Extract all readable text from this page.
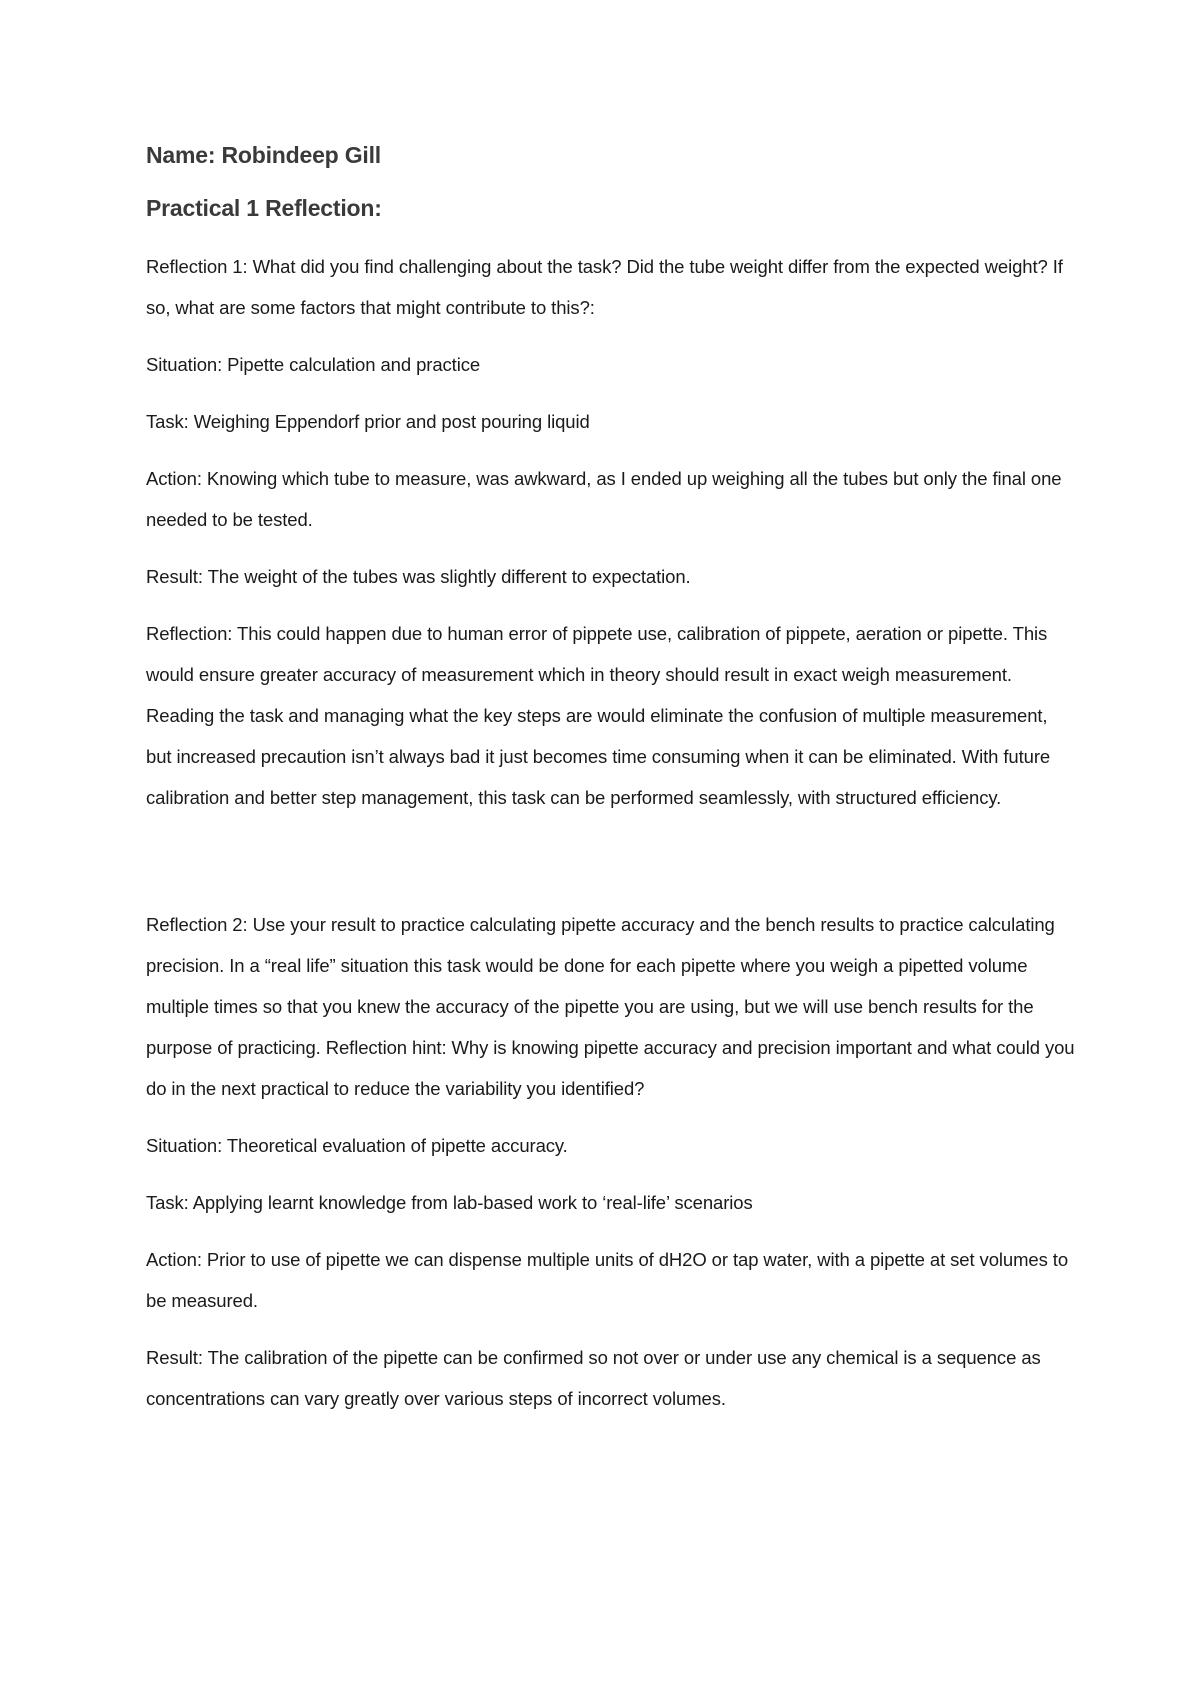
Name: Robindeep Gill
Practical 1 Reflection:

Reflection 1: What did you find challenging about the task? Did the tube weight differ from the expected weight? If so, what are some factors that might contribute to this?:

Situation: Pipette calculation and practice

Task: Weighing Eppendorf prior and post pouring liquid

Action: Knowing which tube to measure, was awkward, as I ended up weighing all the tubes but only the final one needed to be tested.

Result: The weight of the tubes was slightly different to expectation.

Reflection: This could happen due to human error of pippete use, calibration of pippete, aeration or pipette. This would ensure greater accuracy of measurement which in theory should result in exact weigh measurement. Reading the task and managing what the key steps are would eliminate the confusion of multiple measurement, but increased precaution isn’t always bad it just becomes time consuming when it can be eliminated. With future calibration and better step management, this task can be performed seamlessly, with structured efficiency.

Reflection 2: Use your result to practice calculating pipette accuracy and the bench results to practice calculating precision. In a “real life” situation this task would be done for each pipette where you weigh a pipetted volume multiple times so that you knew the accuracy of the pipette you are using, but we will use bench results for the purpose of practicing. Reflection hint: Why is knowing pipette accuracy and precision important and what could you do in the next practical to reduce the variability you identified?

Situation: Theoretical evaluation of pipette accuracy.

Task: Applying learnt knowledge from lab-based work to ‘real-life’ scenarios

Action: Prior to use of pipette we can dispense multiple units of dH2O or tap water, with a pipette at set volumes to be measured.

Result: The calibration of the pipette can be confirmed so not over or under use any chemical is a sequence as concentrations can vary greatly over various steps of incorrect volumes.
